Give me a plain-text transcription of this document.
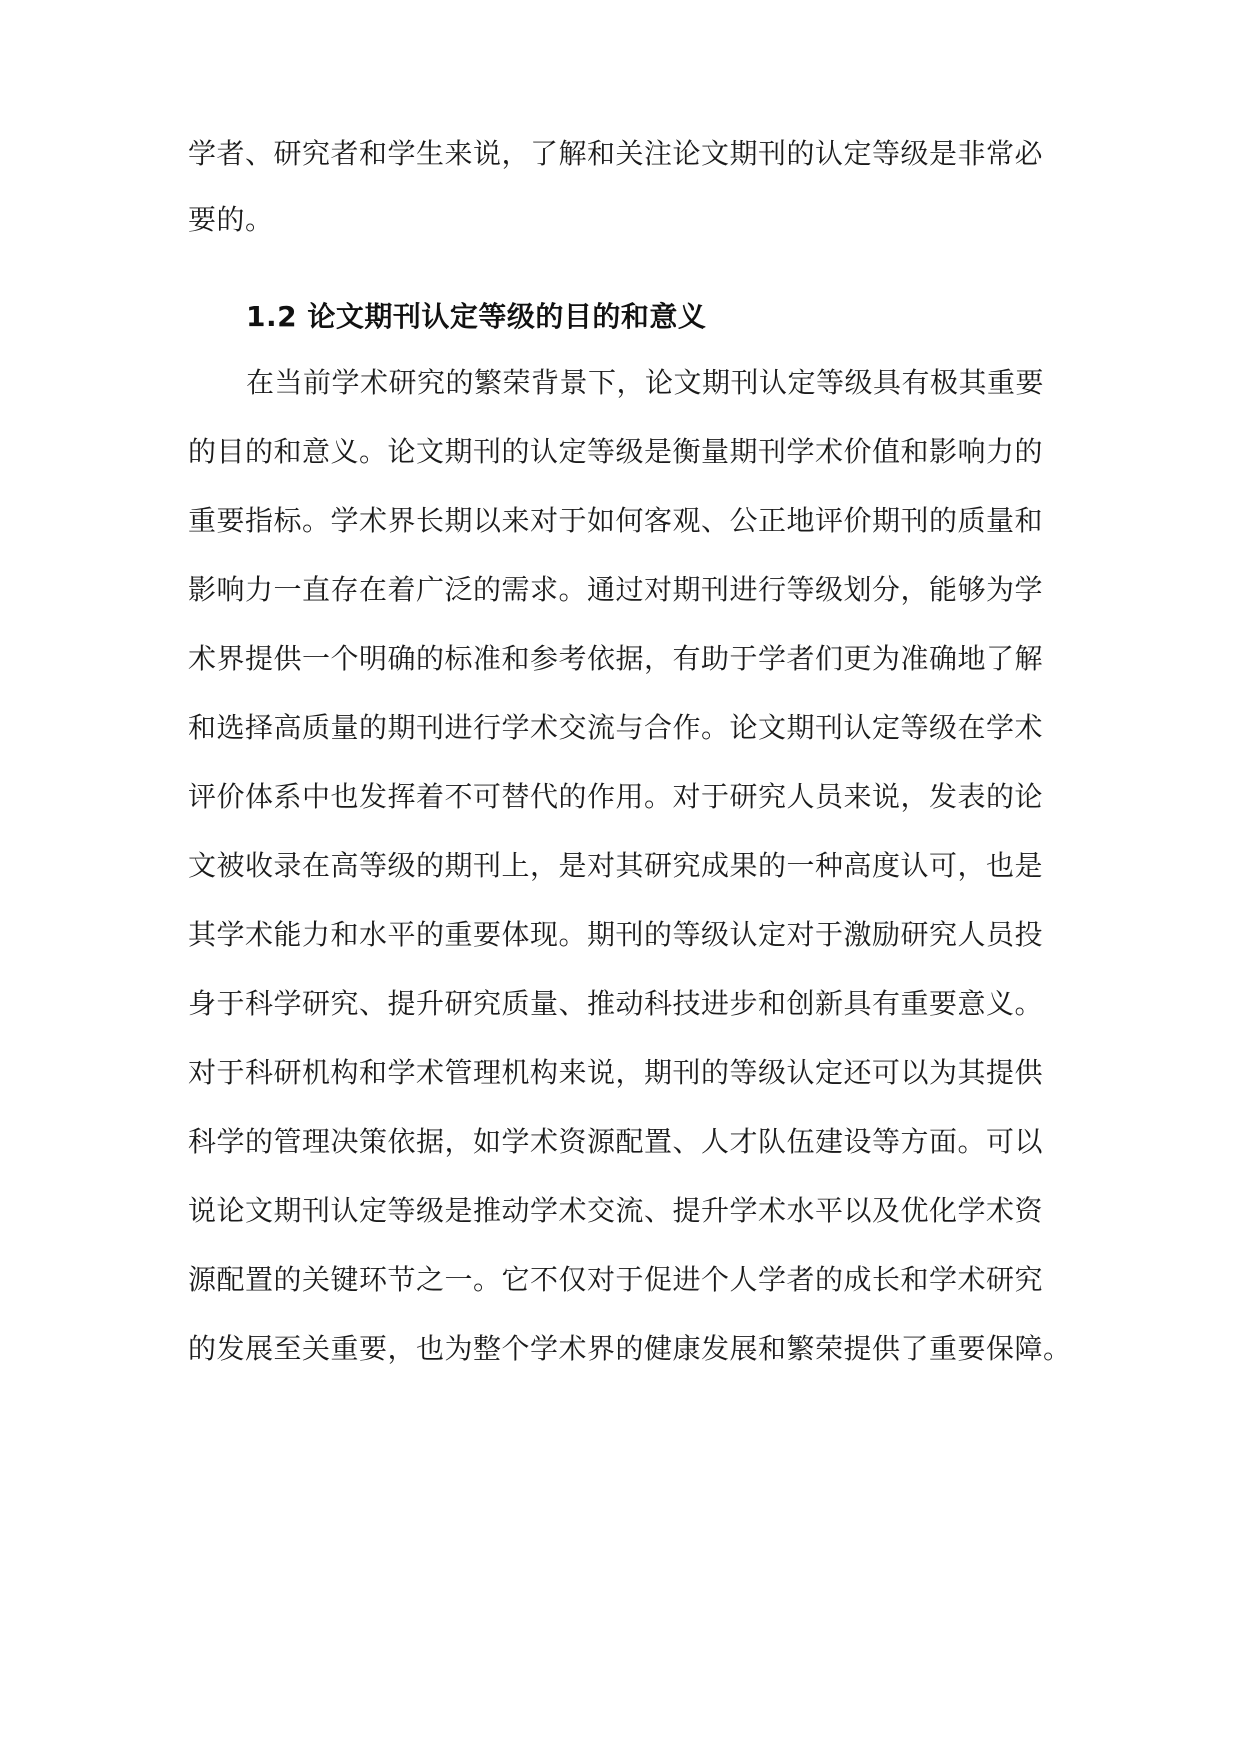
学者、研究者和学生来说，了解和关注论文期刊的认定等级是非常必

要的。

1.2 论文期刊认定等级的目的和意义

在当前学术研究的繁荣背景下，论文期刊认定等级具有极其重要

的目的和意义。论文期刊的认定等级是衡量期刊学术价值和影响力的

重要指标。学术界长期以来对于如何客观、公正地评价期刊的质量和

影响力一直存在着广泛的需求。通过对期刊进行等级划分，能够为学

术界提供一个明确的标准和参考依据，有助于学者们更为准确地了解

和选择高质量的期刊进行学术交流与合作。论文期刊认定等级在学术

评价体系中也发挥着不可替代的作用。对于研究人员来说，发表的论

文被收录在高等级的期刊上，是对其研究成果的一种高度认可，也是

其学术能力和水平的重要体现。期刊的等级认定对于激励研究人员投

身于科学研究、提升研究质量、推动科技进步和创新具有重要意义。

对于科研机构和学术管理机构来说，期刊的等级认定还可以为其提供

科学的管理决策依据，如学术资源配置、人才队伍建设等方面。可以

说论文期刊认定等级是推动学术交流、提升学术水平以及优化学术资

源配置的关键环节之一。它不仅对于促进个人学者的成长和学术研究

的发展至关重要，也为整个学术界的健康发展和繁荣提供了重要保障。
